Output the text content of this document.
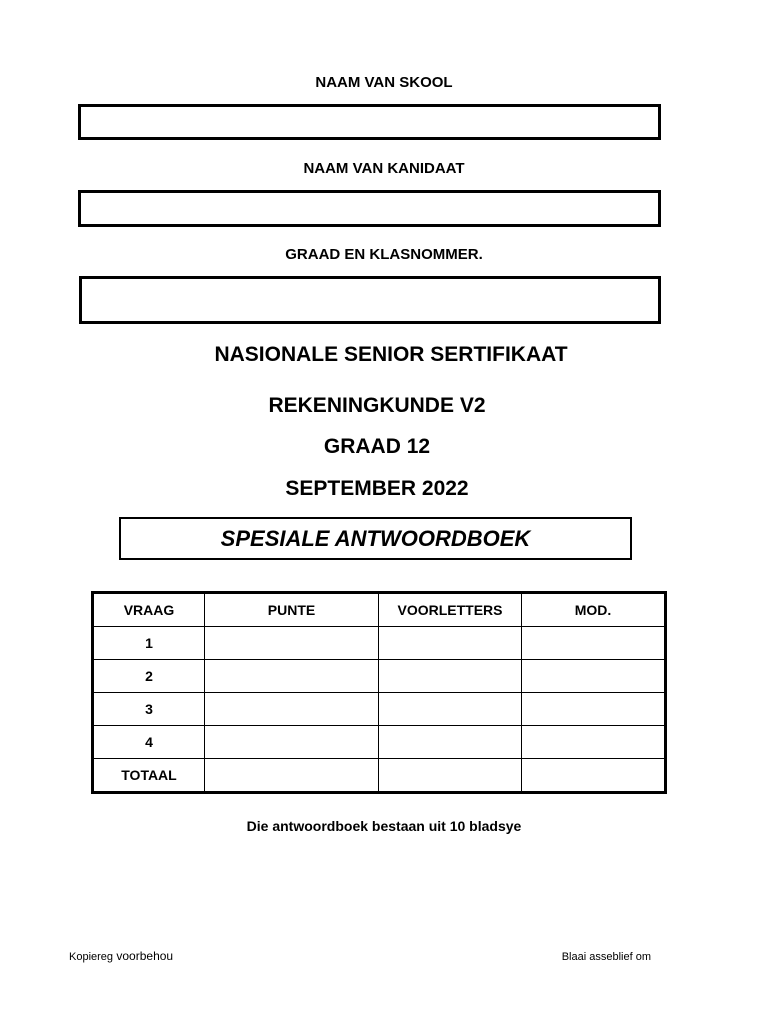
NAAM VAN SKOOL
NAAM VAN KANIDAAT
GRAAD EN KLASNOMMER.
NASIONALE SENIOR SERTIFIKAAT
REKENINGKUNDE V2
GRAAD 12
SEPTEMBER 2022
SPESIALE ANTWOORDBOEK
VRAAG	PUNTE	VOORLETTERS	MOD.
1			
2			
3			
4			
TOTAAL			
Die antwoordboek bestaan uit 10 bladsye
Kopiereg voorbehou	Blaai asseblief om
